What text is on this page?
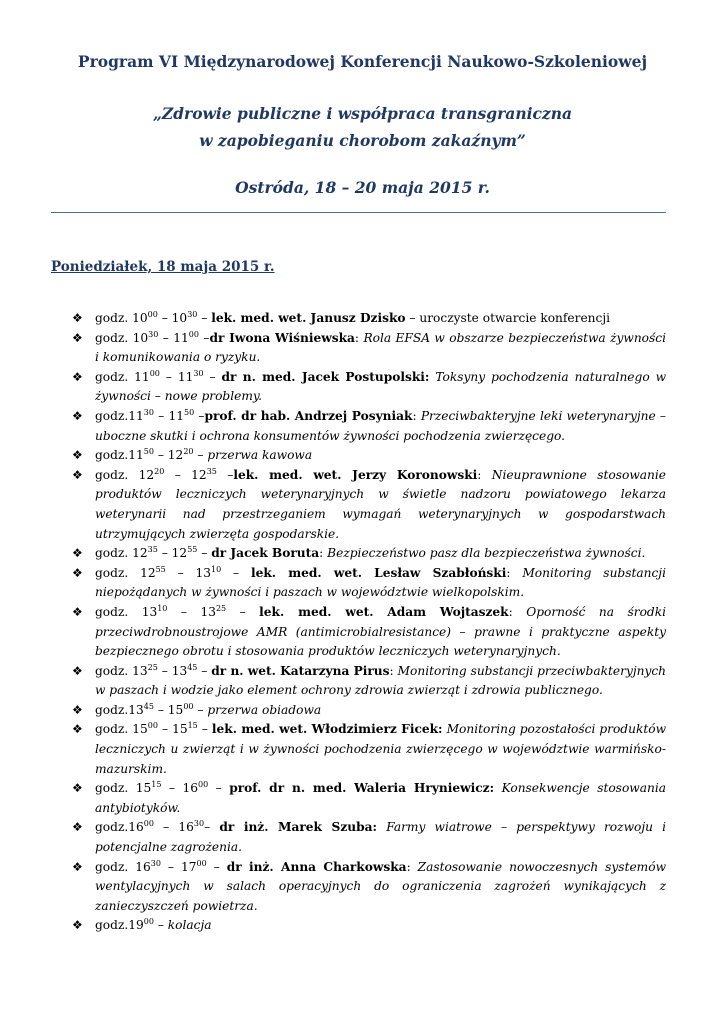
Program VI Międzynarodowej Konferencji Naukowo-Szkoleniowej
„Zdrowie publiczne i współpraca transgraniczna
w zapobieganiu chorobom zakaźnym”
Ostróda, 18 – 20 maja 2015 r.
Poniedziałek, 18 maja 2015 r.
❖ godz. $10^{00} - 10^{30}$ – lek. med. wet. Janusz Dzisko – uroczyste otwarcie konferencji
❖ godz. $10^{30} - 11^{00}$ –dr Iwona Wiśniewska: Rola EFSA w obszarze bezpieczeństwa żywności i komunikowania o ryzyku.
❖ godz. $11^{00} - 11^{30}$ – dr n. med. Jacek Postupolski: Toksyny pochodzenia naturalnego w żywności – nowe problemy.
❖ $godz.11^{30} - 11^{50}$ –prof. dr hab. Andrzej Posyniak: Przeciwbakteryjne leki weterynaryjne – uboczne skutki i ochrona konsumentów żywności pochodzenia zwierzęcego.
❖ $godz.11^{50} - 12^{20}$ – przerwa kawowa
❖ godz. $12^{20} - 12^{35}$ –lek. med. wet. Jerzy Koronowski: Nieuprawnione stosowanie produktów leczniczych weterynaryjnych w świetle nadzoru powiatowego lekarza weterynarii nad przestrzeganiem wymagań weterynaryjnych w gospodarstwach utrzymujących zwierzęta gospodarskie.
❖ godz. $12^{35} - 12^{55}$ – dr Jacek Boruta: Bezpieczeństwo pasz dla bezpieczeństwa żywności.
❖ godz. $12^{55} - 13^{10}$ – lek. med. wet. Lesław Szabłoński: Monitoring substancji niepożądanych w żywności i paszach w województwie wielkopolskim.
❖ godz. $13^{10} - 13^{25}$ – lek. med. wet. Adam Wojtaszek: Oporność na środki przeciwdrobnoustrojowe AMR (antimicrobialresistance) – prawne i praktyczne aspekty bezpiecznego obrotu i stosowania produktów leczniczych weterynaryjnych.
❖ godz. $13^{25} - 13^{45}$ – dr n. wet. Katarzyna Pirus: Monitoring substancji przeciwbakteryjnych w paszach i wodzie jako element ochrony zdrowia zwierząt i zdrowia publicznego.
❖ $godz.13^{45} - 15^{00}$ – przerwa obiadowa
❖ godz. $15^{00} - 15^{15}$ – lek. med. wet. Włodzimierz Ficek: Monitoring pozostałości produktów leczniczych u zwierząt i w żywności pochodzenia zwierzęcego w województwie warmińsko-mazurskim.
❖ godz. $15^{15} - 16^{00}$ – prof. dr n. med. Waleria Hryniewicz: Konsekwencje stosowania antybiotyków.
❖ $godz.16^{00} - 16^{30}-$ dr inż. Marek Szuba: Farmy wiatrowe – perspektywy rozwoju i potencjalne zagrożenia.
❖ godz. $16^{30} - 17^{00}$ – dr inż. Anna Charkowska: Zastosowanie nowoczesnych systemów wentylacyjnych w salach operacyjnych do ograniczenia zagrożeń wynikających z zanieczyszczeń powietrza.
❖ $godz.19^{00}$ – kolacja
